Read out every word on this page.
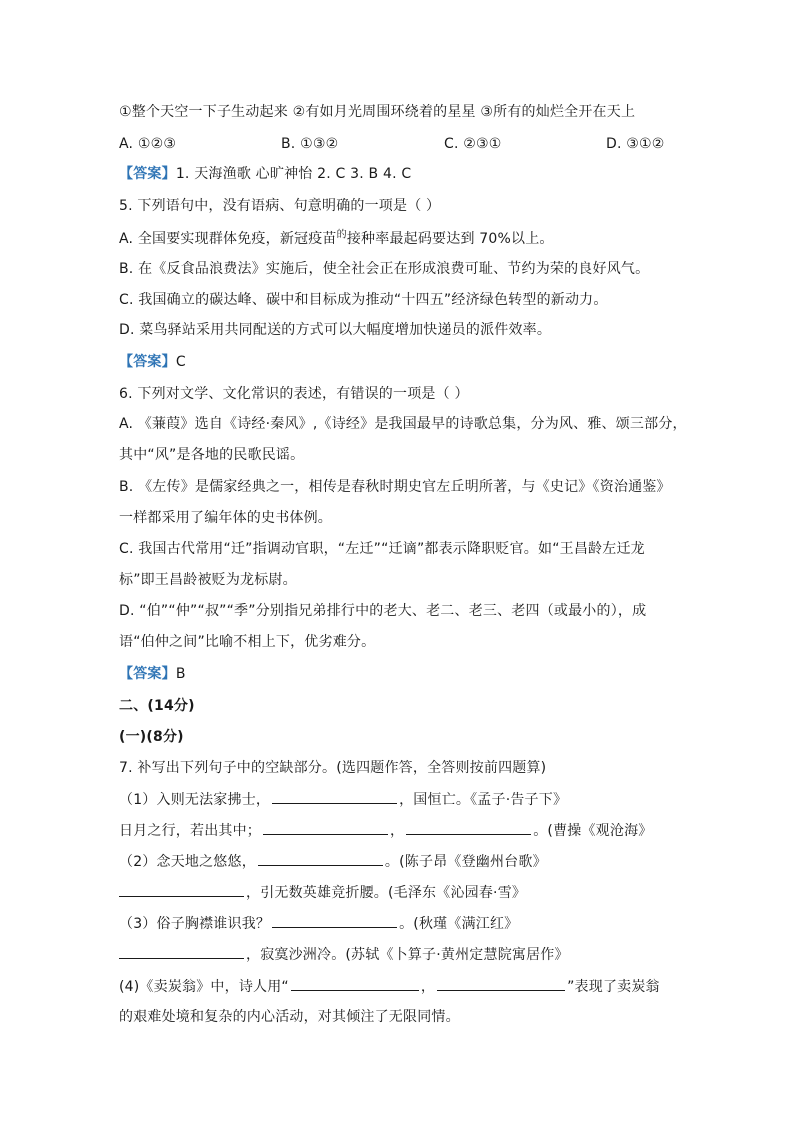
①整个天空一下子生动起来 ②有如月光周围环绕着的星星 ③所有的灿烂全开在天上
A. ①②③	B. ①③②	C. ②③①	D. ③①②
【答案】1. 天海渔歌 心旷神怡 2. C 3. B 4. C
5. 下列语句中，没有语病、句意明确的一项是（ ）
A. 全国要实现群体免疫，新冠疫苗$^的$接种率最起码要达到 70%以上。
B. 在《反食品浪费法》实施后，使全社会正在形成浪费可耻、节约为荣的良好风气。
C. 我国确立的碳达峰、碳中和目标成为推动“十四五”经济绿色转型的新动力。
D. 菜鸟驿站采用共同配送的方式可以大幅度增加快递员的派件效率。
【答案】C
6. 下列对文学、文化常识的表述，有错误的一项是（ ）
A. 《蒹葭》选自《诗经·秦风》,《诗经》是我国最早的诗歌总集，分为风、雅、颂三部分，
其中“风”是各地的民歌民谣。
B. 《左传》是儒家经典之一，相传是春秋时期史官左丘明所著，与《史记》《资治通鉴》
一样都采用了编年体的史书体例。
C. 我国古代常用“迁”指调动官职，“左迁”“迁谪”都表示降职贬官。如“王昌龄左迁龙
标”即王昌龄被贬为龙标尉。
D. “伯”“仲”“叔”“季”分别指兄弟排行中的老大、老二、老三、老四（或最小的），成
语“伯仲之间”比喻不相上下，优劣难分。
【答案】B
二、(14分)
(一)(8分)
7. 补写出下列句子中的空缺部分。(选四题作答，全答则按前四题算)
（1）入则无法家拂士，	，国恒亡。《孟子·告子下》
日月之行，若出其中；	，	。(曹操《观沧海》
（2）念天地之悠悠，	。(陈子昂《登幽州台歌》
，引无数英雄竞折腰。(毛泽东《沁园春·雪》
（3）俗子胸襟谁识我？	。(秋瑾《满江红》
，寂寞沙洲冷。(苏轼《卜算子·黄州定慧院寓居作》
(4)《卖炭翁》中，诗人用“	，	”表现了卖炭翁
的艰难处境和复杂的内心活动，对其倾注了无限同情。
